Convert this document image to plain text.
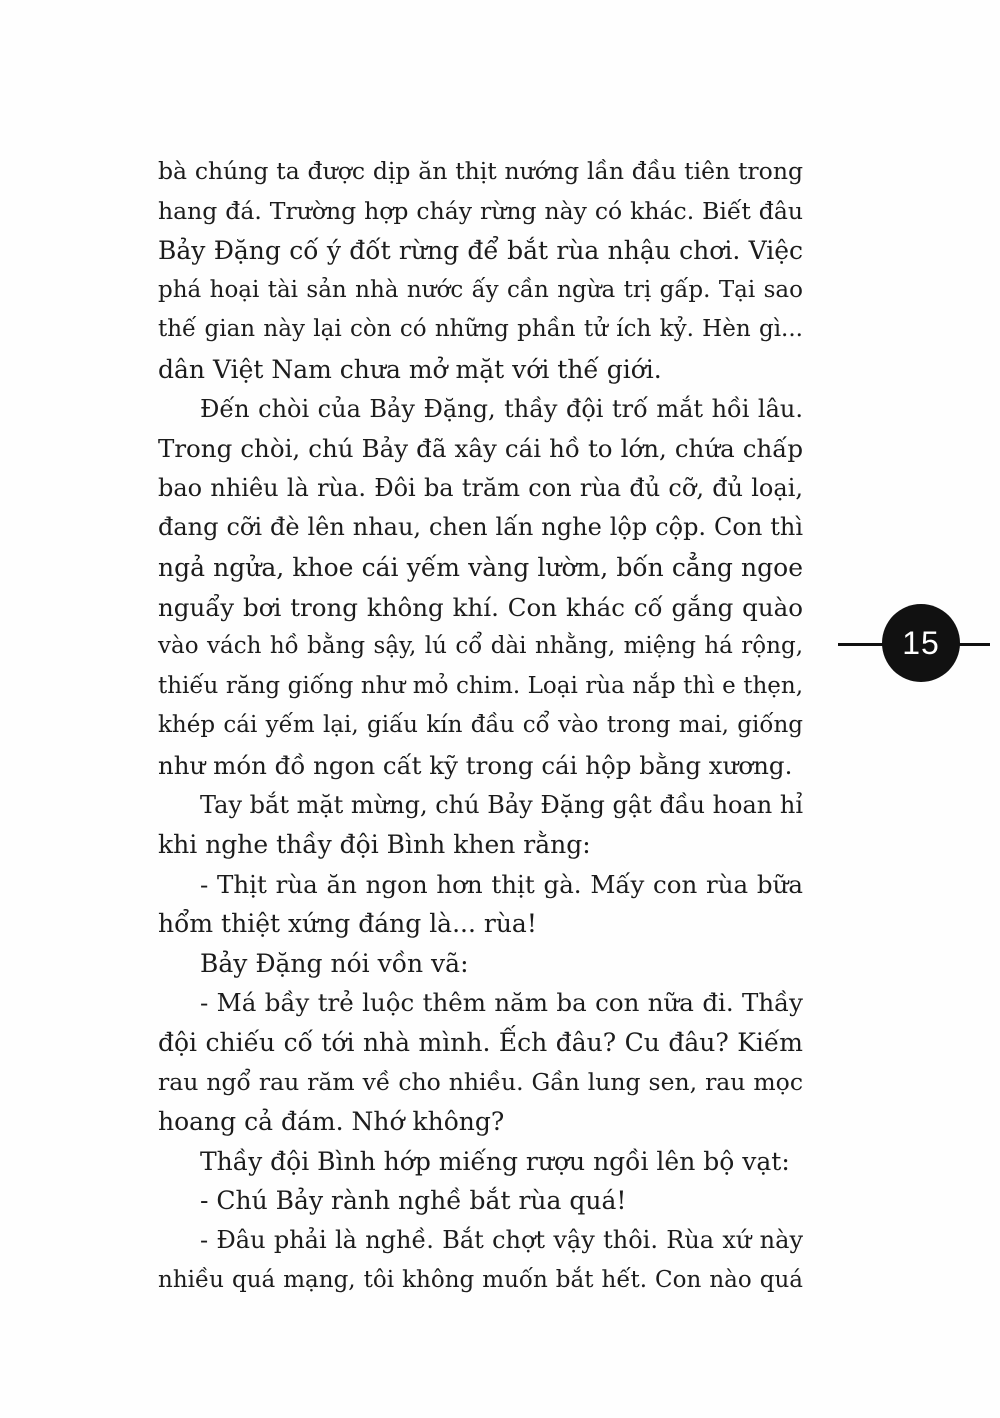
bà chúng ta được dịp ăn thịt nướng lần đầu tiên trong
hang đá. Trường hợp cháy rừng này có khác. Biết đâu
Bảy Đặng cố ý đốt rừng để bắt rùa nhậu chơi. Việc
phá hoại tài sản nhà nước ấy cần ngừa trị gấp. Tại sao
thế gian này lại còn có những phần tử ích kỷ. Hèn gì...
dân Việt Nam chưa mở mặt với thế giới.
Đến chòi của Bảy Đặng, thầy đội trố mắt hồi lâu.
Trong chòi, chú Bảy đã xây cái hồ to lớn, chứa chấp
bao nhiêu là rùa. Đôi ba trăm con rùa đủ cỡ, đủ loại,
đang cỡi đè lên nhau, chen lấn nghe lộp cộp. Con thì
ngả ngửa, khoe cái yếm vàng lườm, bốn cẳng ngoe
nguẩy bơi trong không khí. Con khác cố gắng quào
vào vách hồ bằng sậy, lú cổ dài nhằng, miệng há rộng,
thiếu răng giống như mỏ chim. Loại rùa nắp thì e thẹn,
khép cái yếm lại, giấu kín đầu cổ vào trong mai, giống
như món đồ ngon cất kỹ trong cái hộp bằng xương.
Tay bắt mặt mừng, chú Bảy Đặng gật đầu hoan hỉ
khi nghe thầy đội Bình khen rằng:
- Thịt rùa ăn ngon hơn thịt gà. Mấy con rùa bữa
hổm thiệt xứng đáng là... rùa!
Bảy Đặng nói vồn vã:
- Má bầy trẻ luộc thêm năm ba con nữa đi. Thầy
đội chiếu cố tới nhà mình. Ếch đâu? Cu đâu? Kiếm
rau ngổ rau răm về cho nhiều. Gần lung sen, rau mọc
hoang cả đám. Nhớ không?
Thầy đội Bình hớp miếng rượu ngồi lên bộ vạt:
- Chú Bảy rành nghề bắt rùa quá!
- Đâu phải là nghề. Bắt chợt vậy thôi. Rùa xứ này
nhiều quá mạng, tôi không muốn bắt hết. Con nào quá
15
